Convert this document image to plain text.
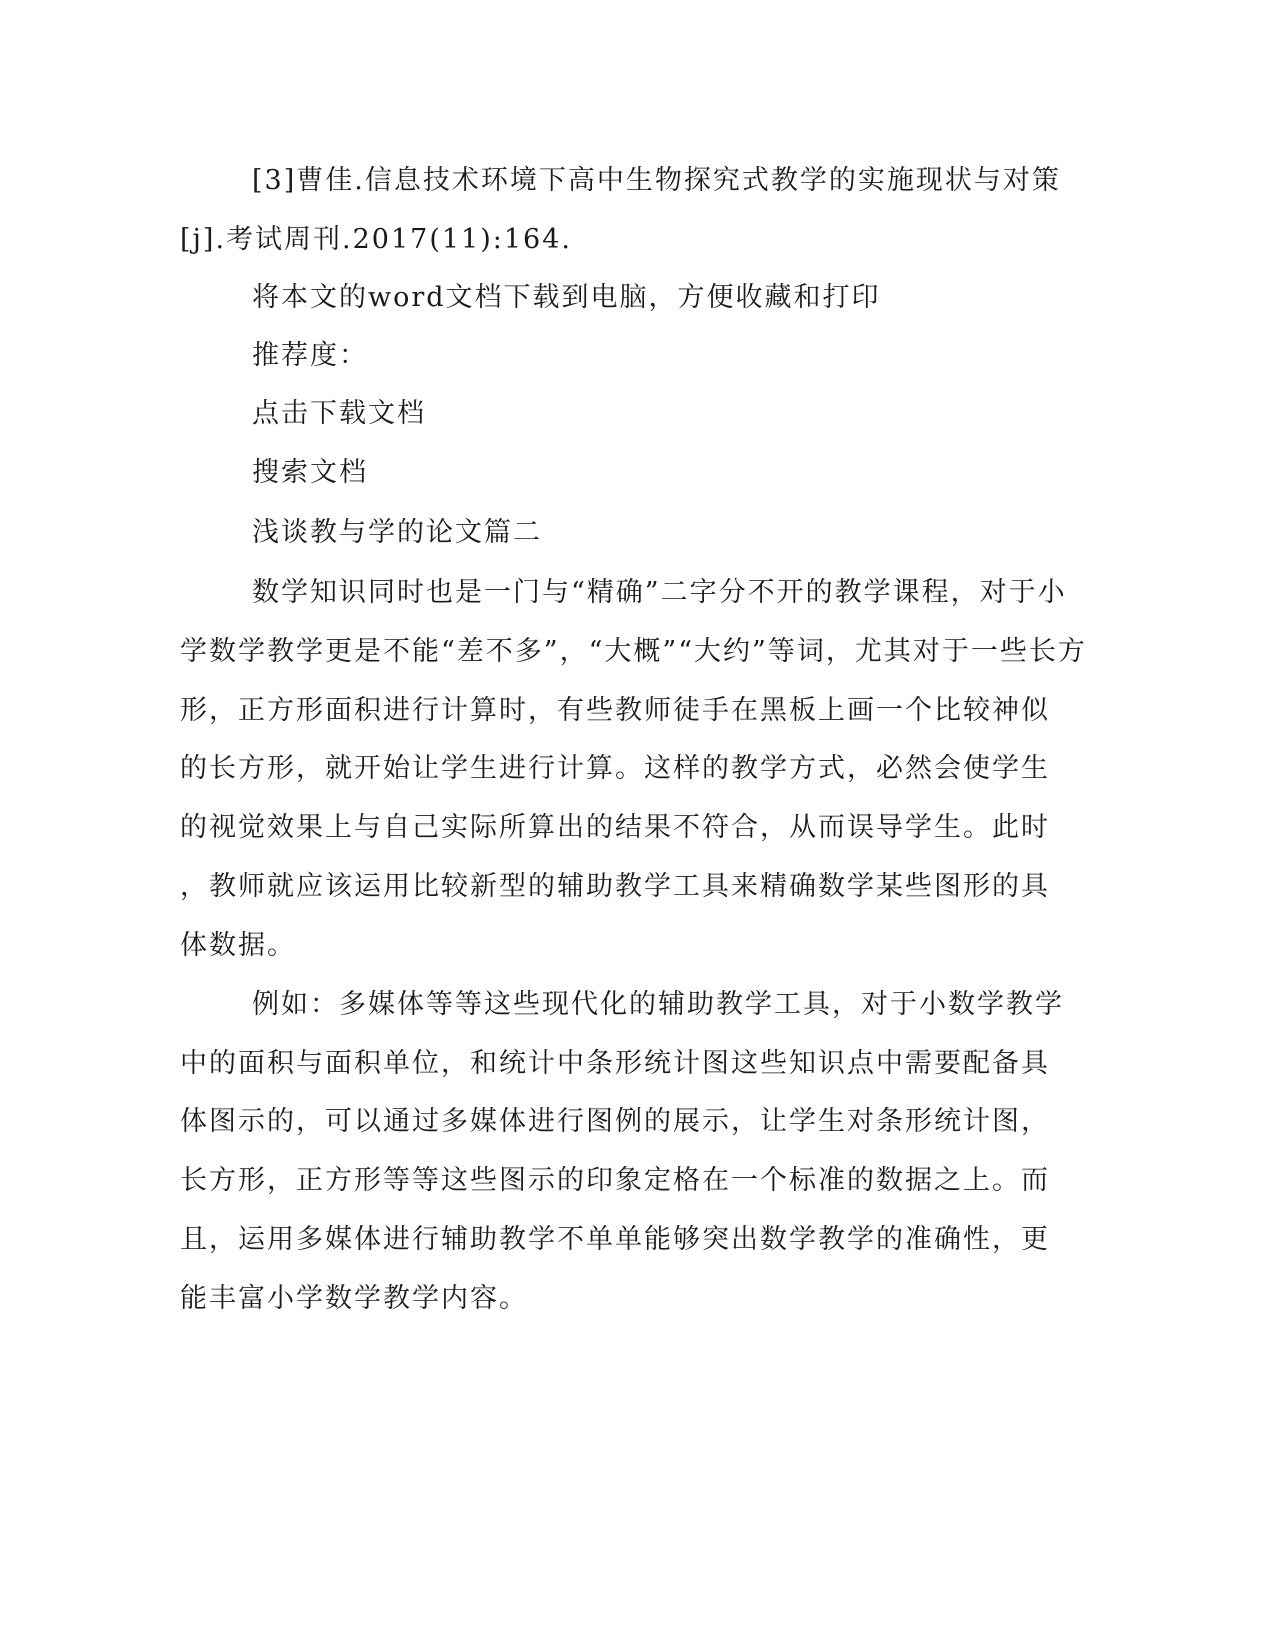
[3]曹佳.信息技术环境下高中生物探究式教学的实施现状与对策
[j].考试周刊.2017(11):164.
将本文的word文档下载到电脑，方便收藏和打印
推荐度：
点击下载文档
搜索文档
浅谈教与学的论文篇二
数学知识同时也是一门与“精确”二字分不开的教学课程，对于小
学数学教学更是不能“差不多”，“大概”“大约”等词，尤其对于一些长方
形，正方形面积进行计算时，有些教师徒手在黑板上画一个比较神似
的长方形，就开始让学生进行计算。这样的教学方式，必然会使学生
的视觉效果上与自己实际所算出的结果不符合，从而误导学生。此时
，教师就应该运用比较新型的辅助教学工具来精确数学某些图形的具
体数据。
例如：多媒体等等这些现代化的辅助教学工具，对于小数学教学
中的面积与面积单位，和统计中条形统计图这些知识点中需要配备具
体图示的，可以通过多媒体进行图例的展示，让学生对条形统计图，
长方形，正方形等等这些图示的印象定格在一个标准的数据之上。而
且，运用多媒体进行辅助教学不单单能够突出数学教学的准确性，更
能丰富小学数学教学内容。
